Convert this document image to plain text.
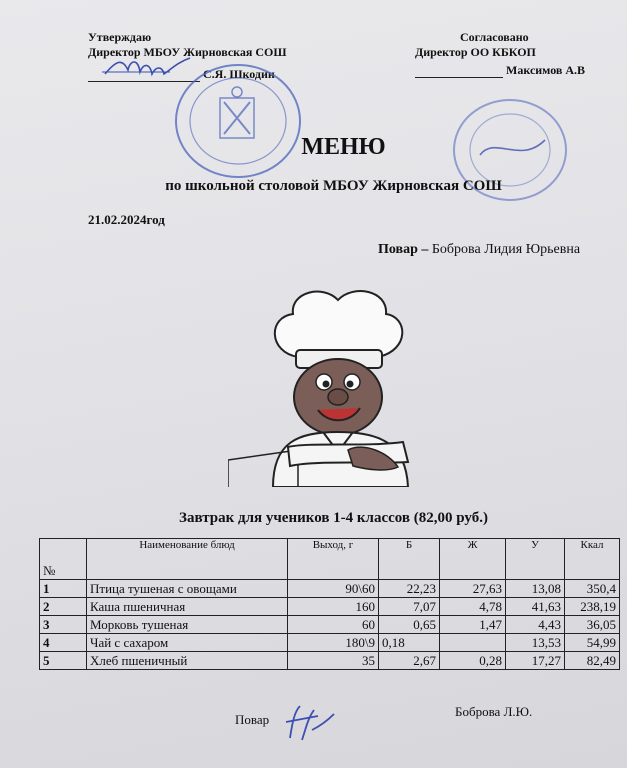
Утверждаю
Директор МБОУ Жирновская СОШ
С.Я. Шкодин
Согласовано
Директор ОО КБКОП
Максимов А.В
МЕНЮ
по школьной столовой МБОУ Жирновская СОШ
21.02.2024год
Повар – Боброва Лидия Юрьевна
Завтрак для учеников 1-4 классов (82,00 руб.)
№	Наименование блюд	Выход, г	Б	Ж	У	Ккал
1	Птица тушеная с овощами	90\60	22,23	27,63	13,08	350,4
2	Каша пшеничная	160	7,07	4,78	41,63	238,19
3	Морковь тушеная	60	0,65	1,47	4,43	36,05
4	Чай с сахаром	180\9	0,18		13,53	54,99
5	Хлеб пшеничный	35	2,67	0,28	17,27	82,49
Повар
Боброва Л.Ю.
